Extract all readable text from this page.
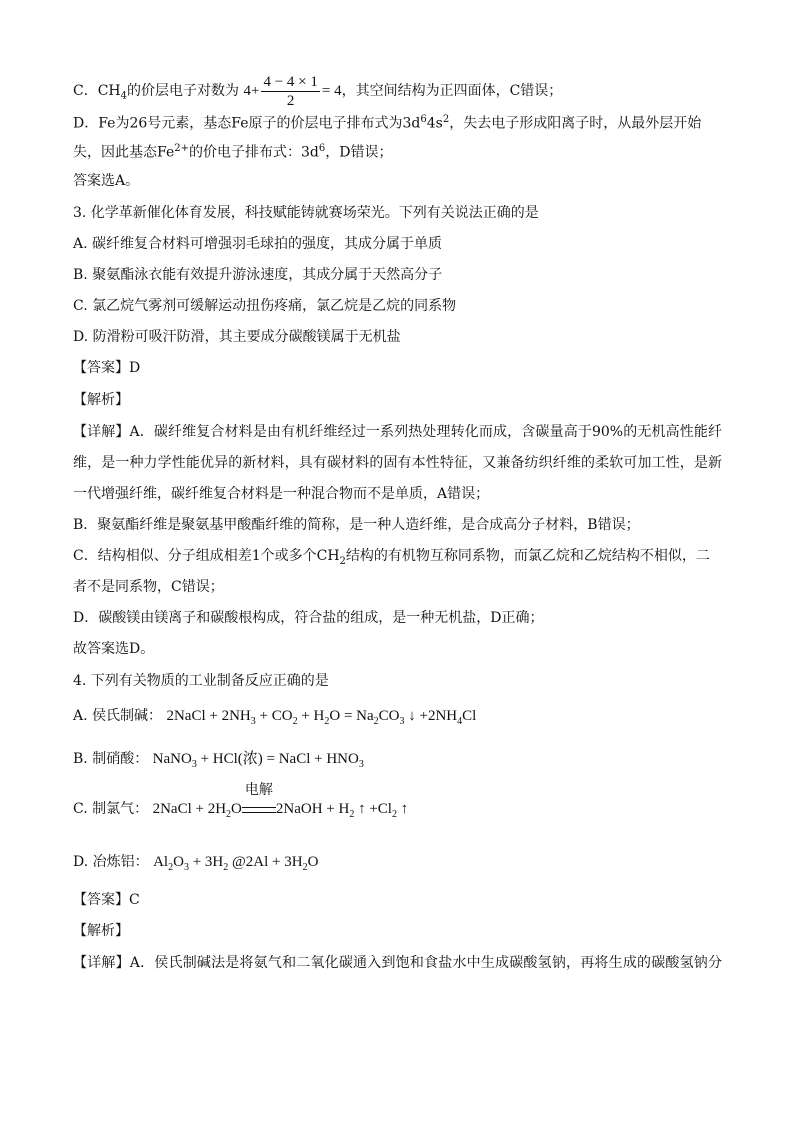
C．$CH_4$的价层电子对数为 $4+ \frac{4 - 4 \times 1}{2} = 4$，其空间结构为正四面体，C错误；
D．Fe为26号元素，基态Fe原子的价层电子排布式为$3d^64s^2$，失去电子形成阳离子时，从最外层开始
失，因此基态$Fe^{2+}$的价电子排布式：$3d^6$，D错误；
答案选A。
3. 化学革新催化体育发展，科技赋能铸就赛场荣光。下列有关说法正确的是
A. 碳纤维复合材料可增强羽毛球拍的强度，其成分属于单质
B. 聚氨酯泳衣能有效提升游泳速度，其成分属于天然高分子
C. 氯乙烷气雾剂可缓解运动扭伤疼痛，氯乙烷是乙烷的同系物
D. 防滑粉可吸汗防滑，其主要成分碳酸镁属于无机盐
【答案】D
【解析】
【详解】A．碳纤维复合材料是由有机纤维经过一系列热处理转化而成，含碳量高于90%的无机高性能纤
维，是一种力学性能优异的新材料，具有碳材料的固有本性特征，又兼备纺织纤维的柔软可加工性，是新
一代增强纤维，碳纤维复合材料是一种混合物而不是单质，A错误；
B．聚氨酯纤维是聚氨基甲酸酯纤维的简称，是一种人造纤维，是合成高分子材料，B错误；
C．结构相似、分子组成相差1个或多个$CH_2$结构的有机物互称同系物，而氯乙烷和乙烷结构不相似，二
者不是同系物，C错误；
D．碳酸镁由镁离子和碳酸根构成，符合盐的组成，是一种无机盐，D正确；
故答案选D。
4. 下列有关物质的工业制备反应正确的是
A. 侯氏制碱： 2NaCl + $2NH_3 + CO_2 + H_2O = Na_2CO_3$ ↓ $+2NH_4Cl$
B. 制硝酸： NaNO$_3$ + HCl(浓) = NaCl + $HNO_3$
C. 制氯气： 2NaCl + $2H_2O$
电解
2NaOH + $H_2$ ↑ $+Cl_2$ ↑
D. 冶炼铝： $Al_2O_3 + 3H_2$ @2Al + $3H_2O$
【答案】C
【解析】
【详解】A．侯氏制碱法是将氨气和二氧化碳通入到饱和食盐水中生成碳酸氢钠，再将生成的碳酸氢钠分
